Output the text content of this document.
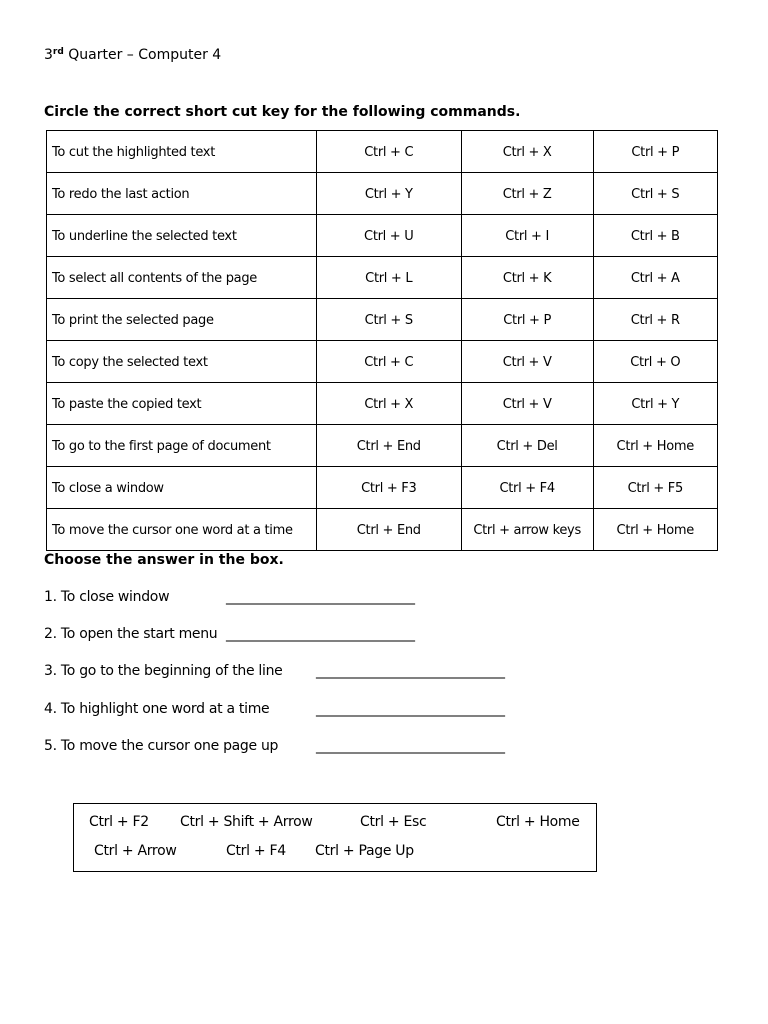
3rd Quarter – Computer 4
Circle the correct short cut key for the following commands.
To cut the highlighted text	Ctrl + C	Ctrl + X	Ctrl + P
To redo the last action	Ctrl + Y	Ctrl + Z	Ctrl + S
To underline the selected text	Ctrl + U	Ctrl + I	Ctrl + B
To select all contents of the page	Ctrl + L	Ctrl + K	Ctrl + A
To print the selected page	Ctrl + S	Ctrl + P	Ctrl + R
To copy the selected text	Ctrl + C	Ctrl + V	Ctrl + O
To paste the copied text	Ctrl + X	Ctrl + V	Ctrl + Y
To go to the first page of document	Ctrl + End	Ctrl + Del	Ctrl + Home
To close a window	Ctrl + F3	Ctrl + F4	Ctrl + F5
To move the cursor one word at a time	Ctrl + End	Ctrl + arrow keys	Ctrl + Home
Choose the answer in the box.
1. To close window	___________________________
2. To open the start menu ___________________________
3. To go to the beginning of the line ___________________________
4. To highlight one word at a time	___________________________
5. To move the cursor one page up	___________________________
Ctrl + F2 Ctrl + Shift + Arrow	Ctrl + Esc	Ctrl + Home
Ctrl + Arrow	Ctrl + F4 Ctrl + Page Up
